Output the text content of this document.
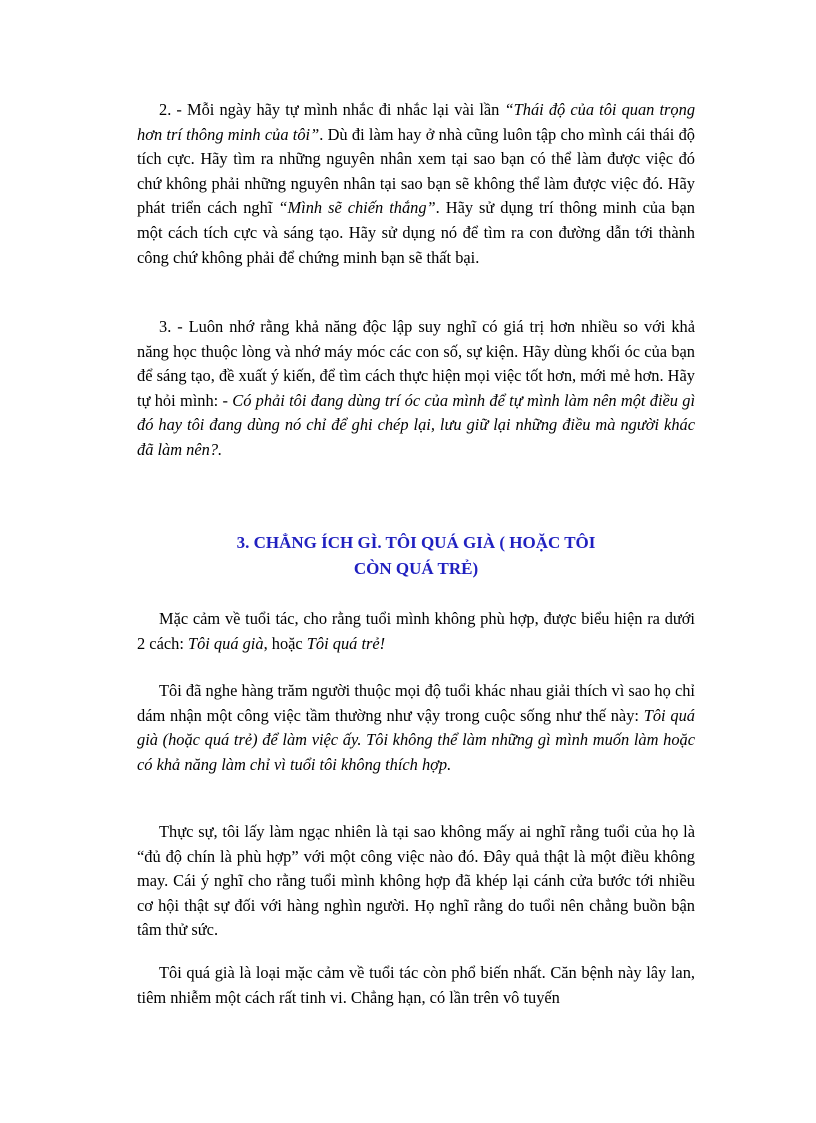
2. - Mỗi ngày hãy tự mình nhắc đi nhắc lại vài lần “Thái độ của tôi quan trọng hơn trí thông minh của tôi”. Dù đi làm hay ở nhà cũng luôn tập cho mình cái thái độ tích cực. Hãy tìm ra những nguyên nhân xem tại sao bạn có thể làm được việc đó chứ không phải những nguyên nhân tại sao bạn sẽ không thể làm được việc đó. Hãy phát triển cách nghĩ “Mình sẽ chiến thắng”. Hãy sử dụng trí thông minh của bạn một cách tích cực và sáng tạo. Hãy sử dụng nó để tìm ra con đường dẫn tới thành công chứ không phải để chứng minh bạn sẽ thất bại.

3. - Luôn nhớ rằng khả năng độc lập suy nghĩ có giá trị hơn nhiều so với khả năng học thuộc lòng và nhớ máy móc các con số, sự kiện. Hãy dùng khối óc của bạn để sáng tạo, đề xuất ý kiến, để tìm cách thực hiện mọi việc tốt hơn, mới mẻ hơn. Hãy tự hỏi mình: - Có phải tôi đang dùng trí óc của mình để tự mình làm nên một điều gì đó hay tôi đang dùng nó chỉ để ghi chép lại, lưu giữ lại những điều mà người khác đã làm nên?.

3. CHẲNG ÍCH GÌ. TÔI QUÁ GIÀ ( HOẶC TÔI
CÒN QUÁ TRẺ)

Mặc cảm về tuổi tác, cho rằng tuổi mình không phù hợp, được biểu hiện ra dưới 2 cách: Tôi quá già, hoặc Tôi quá trẻ!

Tôi đã nghe hàng trăm người thuộc mọi độ tuổi khác nhau giải thích vì sao họ chỉ dám nhận một công việc tầm thường như vậy trong cuộc sống như thế này: Tôi quá già (hoặc quá trẻ) để làm việc ấy. Tôi không thể làm những gì mình muốn làm hoặc có khả năng làm chỉ vì tuổi tôi không thích hợp.

Thực sự, tôi lấy làm ngạc nhiên là tại sao không mấy ai nghĩ rằng tuổi của họ là “đủ độ chín là phù hợp” với một công việc nào đó. Đây quả thật là một điều không may. Cái ý nghĩ cho rằng tuổi mình không hợp đã khép lại cánh cửa bước tới nhiều cơ hội thật sự đối với hàng nghìn người. Họ nghĩ rằng do tuổi nên chẳng buồn bận tâm thử sức.

Tôi quá già là loại mặc cảm về tuổi tác còn phổ biến nhất. Căn bệnh này lây lan, tiêm nhiễm một cách rất tinh vi. Chẳng hạn, có lần trên vô tuyến
